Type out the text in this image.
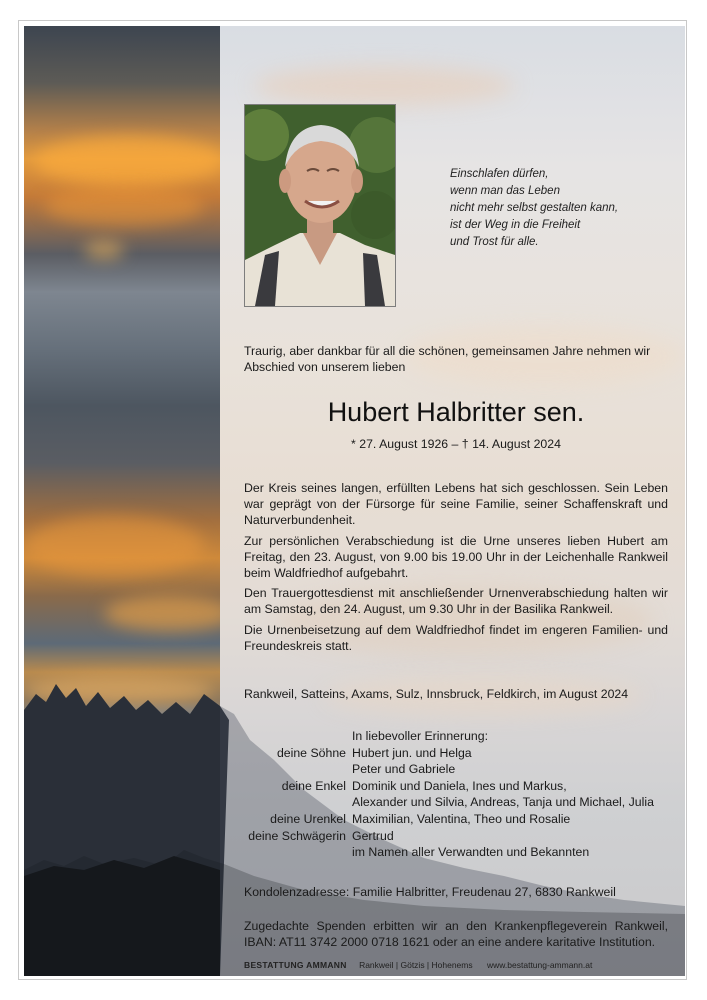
Einschlafen dürfen,
wenn man das Leben
nicht mehr selbst gestalten kann,
ist der Weg in die Freiheit
und Trost für alle.
Traurig, aber dankbar für all die schönen, gemeinsamen Jahre nehmen wir Abschied von unserem lieben
Hubert Halbritter sen.
* 27. August 1926 – † 14. August 2024

Der Kreis seines langen, erfüllten Lebens hat sich geschlossen. Sein Leben war geprägt von der Fürsorge für seine Familie, seiner Schaffenskraft und Naturverbundenheit.

Zur persönlichen Verabschiedung ist die Urne unseres lieben Hubert am Freitag, den 23. August, von 9.00 bis 19.00 Uhr in der Leichenhalle Rankweil beim Waldfriedhof aufgebahrt.

Den Trauergottesdienst mit anschließender Urnenverabschiedung halten wir am Samstag, den 24. August, um 9.30 Uhr in der Basilika Rankweil.

Die Urnenbeisetzung auf dem Waldfriedhof findet im engeren Familien- und Freundeskreis statt.

Rankweil, Satteins, Axams, Sulz, Innsbruck, Feldkirch, im August 2024
In liebevoller Erinnerung:
deine Söhne Hubert jun. und Helga
Peter und Gabriele
deine Enkel Dominik und Daniela, Ines und Markus,
Alexander und Silvia, Andreas, Tanja und Michael, Julia
deine Urenkel Maximilian, Valentina, Theo und Rosalie
deine Schwägerin Gertrud
im Namen aller Verwandten und Bekannten
Kondolenzadresse: Familie Halbritter, Freudenau 27, 6830 Rankweil
Zugedachte Spenden erbitten wir an den Krankenpflegeverein Rankweil, IBAN: AT11 3742 2000 0718 1621 oder an eine andere karitative Institution.
BESTATTUNG AMMANN Rankweil | Götzis | Hohenems www.bestattung-ammann.at
